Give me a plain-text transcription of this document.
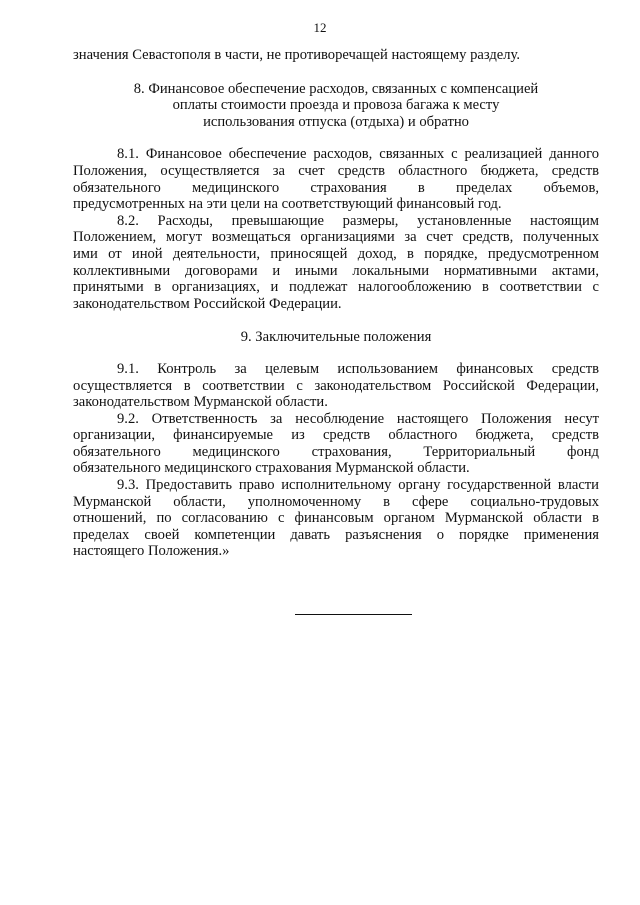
12
значения Севастополя в части, не противоречащей настоящему разделу.
8. Финансовое обеспечение расходов, связанных с компенсацией
оплаты стоимости проезда и провоза багажа к месту
использования отпуска (отдыха) и обратно
8.1. Финансовое обеспечение расходов, связанных с реализацией данного
Положения, осуществляется за счет средств областного бюджета, средств
обязательного медицинского страхования в пределах объемов,
предусмотренных на эти цели на соответствующий финансовый год.
8.2. Расходы, превышающие размеры, установленные настоящим
Положением, могут возмещаться организациями за счет средств, полученных
ими от иной деятельности, приносящей доход, в порядке, предусмотренном
коллективными договорами и иными локальными нормативными актами,
принятыми в организациях, и подлежат налогообложению в соответствии с
законодательством Российской Федерации.
9. Заключительные положения
9.1. Контроль за целевым использованием финансовых средств
осуществляется в соответствии с законодательством Российской Федерации,
законодательством Мурманской области.
9.2. Ответственность за несоблюдение настоящего Положения несут
организации, финансируемые из средств областного бюджета, средств
обязательного медицинского страхования, Территориальный фонд
обязательного медицинского страхования Мурманской области.
9.3. Предоставить право исполнительному органу государственной власти
Мурманской области, уполномоченному в сфере социально-трудовых
отношений, по согласованию с финансовым органом Мурманской области в
пределах своей компетенции давать разъяснения о порядке применения
настоящего Положения.»
